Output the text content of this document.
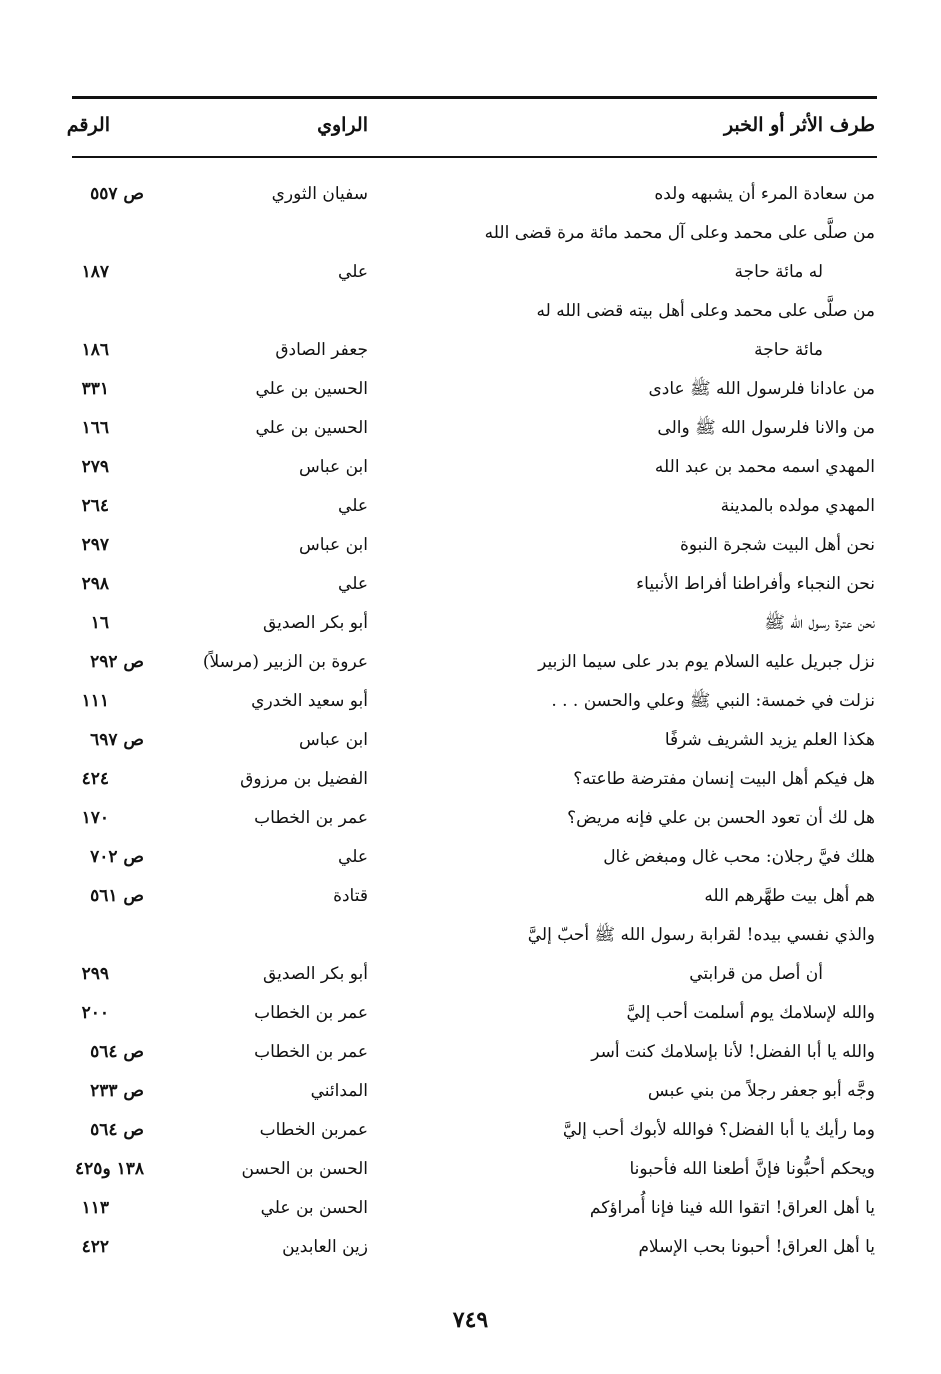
طرف الأثر أو الخبر
الراوي
الرقم
من سعادة المرء أن يشبهه ولده
سفيان الثوري
ص ٥٥٧
من صلَّى على محمد وعلى آل محمد مائة مرة قضى الله
له مائة حاجة
علي
١٨٧
من صلَّى على محمد وعلى أهل بيته قضى الله له
مائة حاجة
جعفر الصادق
١٨٦
من عادانا فلرسول الله ﷺ عادى
الحسين بن علي
٣٣١
من والانا فلرسول الله ﷺ والى
الحسين بن علي
١٦٦
المهدي اسمه محمد بن عبد الله
ابن عباس
٢٧٩
المهدي مولده بالمدينة
علي
٢٦٤
نحن أهل البيت شجرة النبوة
ابن عباس
٢٩٧
نحن النجباء وأفراطنا أفراط الأنبياء
علي
٢٩٨
نحن عترة رسول الله ﷺ
أبو بكر الصديق
١٦
نزل جبريل عليه السلام يوم بدر على سيما الزبير
عروة بن الزبير (مرسلاً)
ص ٢٩٢
نزلت في خمسة: النبي ﷺ وعلي والحسن . . .
أبو سعيد الخدري
١١١
هكذا العلم يزيد الشريف شرفًا
ابن عباس
ص ٦٩٧
هل فيكم أهل البيت إنسان مفترضة طاعته؟
الفضيل بن مرزوق
٤٢٤
هل لك أن تعود الحسن بن علي فإنه مريض؟
عمر بن الخطاب
١٧٠
هلك فيَّ رجلان: محب غال ومبغض غال
علي
ص ٧٠٢
هم أهل بيت طهَّرهم الله
قتادة
ص ٥٦١
والذي نفسي بيده! لقرابة رسول الله ﷺ أحبّ إليَّ
أن أصل من قرابتي
أبو بكر الصديق
٢٩٩
والله لإسلامك يوم أسلمت أحب إليَّ
عمر بن الخطاب
٢٠٠
والله يا أبا الفضل! لأنا بإسلامك كنت أسر
عمر بن الخطاب
ص ٥٦٤
وجَّه أبو جعفر رجلاً من بني عبس
المدائني
ص ٢٣٣
وما رأيك يا أبا الفضل؟ فوالله لأبوك أحب إليَّ
عمربن الخطاب
ص ٥٦٤
ويحكم أحبُّونا فإنَّ أطعنا الله فأحبونا
الحسن بن الحسن
١٣٨ و٤٢٥
يا أهل العراق! اتقوا الله فينا فإنا أُمراؤكم
الحسن بن علي
١١٣
يا أهل العراق! أحبونا بحب الإسلام
زين العابدين
٤٢٢
٧٤٩
